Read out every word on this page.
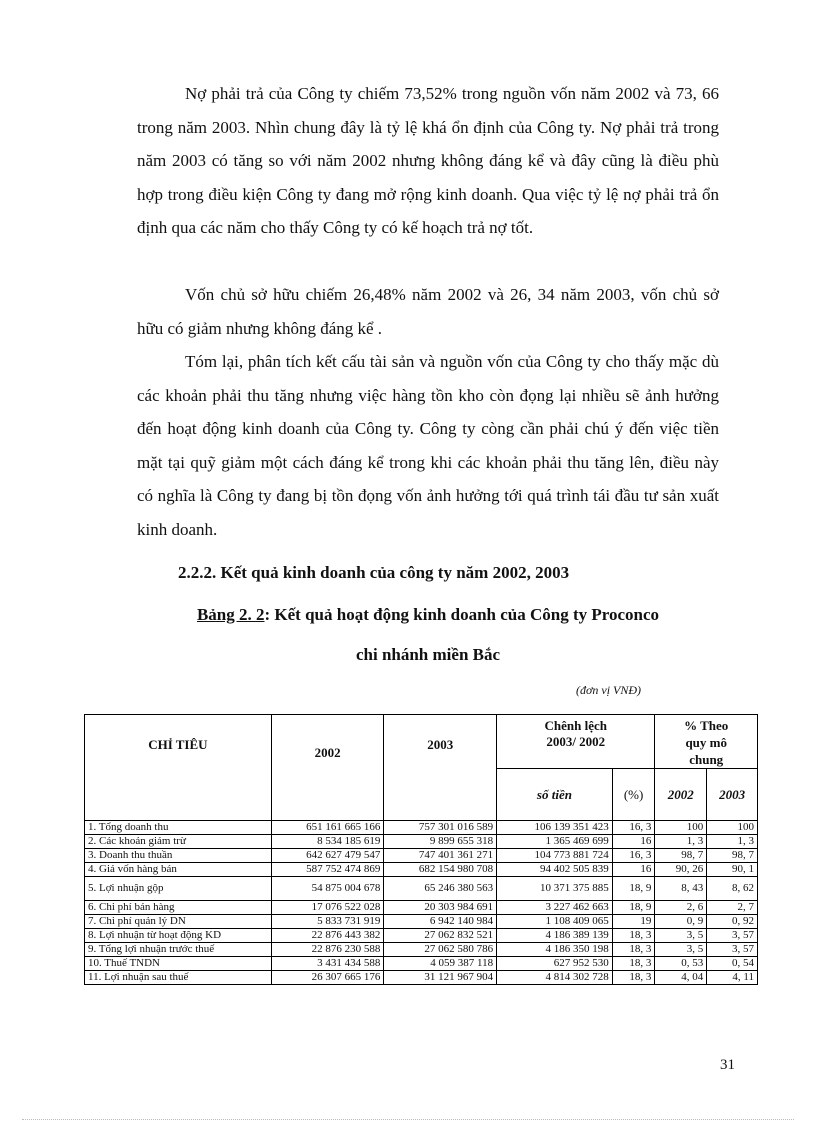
Nợ phải trả của Công ty chiếm 73,52% trong nguồn vốn năm 2002 và 73, 66 trong năm 2003. Nhìn chung đây là tỷ lệ khá ổn định của Công ty. Nợ phải trả trong năm 2003 có tăng so với năm 2002 nhưng không đáng kể và đây cũng là điều phù hợp trong điều kiện Công ty đang mở rộng kinh doanh. Qua việc tỷ lệ nợ phải trả ổn định qua các năm cho thấy Công ty có kế hoạch trả nợ tốt.

Vốn chủ sở hữu chiếm 26,48% năm 2002 và 26, 34 năm 2003, vốn chủ sở hữu có giảm nhưng không đáng kể .

Tóm lại, phân tích kết cấu tài sản và nguồn vốn của Công ty cho thấy mặc dù các khoản phải thu tăng nhưng việc hàng tồn kho còn đọng lại nhiều sẽ ảnh hưởng đến hoạt động kinh doanh của Công ty. Công ty còng cần phải chú ý đến việc tiền mặt tại quỹ giảm một cách đáng kể trong khi các khoản phải thu tăng lên, điều này có nghĩa là Công ty đang bị tồn đọng vốn ảnh hưởng tới quá trình tái đầu tư sản xuất kinh doanh.

2.2.2. Kết quả kinh doanh của công ty năm 2002, 2003

Bảng 2. 2: Kết quả hoạt động kinh doanh của Công ty Proconco

chi nhánh miền Bắc

(đơn vị VNĐ)

CHỈ TIÊU	2002	2003	Chênh lệch
2003/ 2002		% Theo
quy mô
chung	
			số tiền	(%)	2002	2003
1. Tổng doanh thu	651 161 665 166	757 301 016 589	106 139 351 423	16, 3	100	100
2. Các khoản giảm trừ	8 534 185 619	9 899 655 318	1 365 469 699	16	1, 3	1, 3
3. Doanh thu thuần	642 627 479 547	747 401 361 271	104 773 881 724	16, 3	98, 7	98, 7
4. Giá vốn hàng bán	587 752 474 869	682 154 980 708	94 402 505 839	16	90, 26	90, 1
5. Lợi nhuận gộp	54 875 004 678	65 246 380 563	10 371 375 885	18, 9	8, 43	8, 62
6. Chi phí bán hàng	17 076 522 028	20 303 984 691	3 227 462 663	18, 9	2, 6	2, 7
7. Chi phí quản lý DN	5 833 731 919	6 942 140 984	1 108 409 065	19	0, 9	0, 92
8. Lợi nhuận từ hoạt động KD	22 876 443 382	27 062 832 521	4 186 389 139	18, 3	3, 5	3, 57
9. Tổng lợi nhuận trước thuế	22 876 230 588	27 062 580 786	4 186 350 198	18, 3	3, 5	3, 57
10. Thuế TNDN	3 431 434 588	4 059 387 118	627 952 530	18, 3	0, 53	0, 54
11. Lợi nhuận sau thuế	26 307 665 176	31 121 967 904	4 814 302 728	18, 3	4, 04	4, 11

31
